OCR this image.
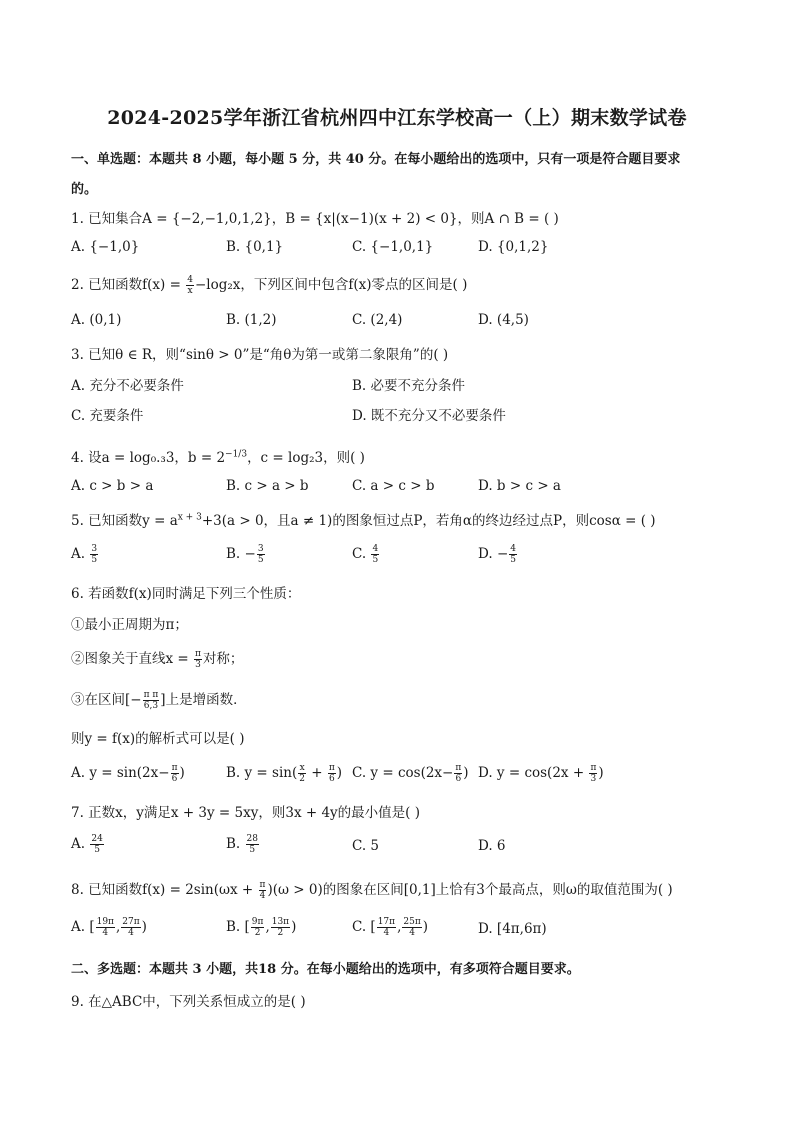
2024-2025学年浙江省杭州四中江东学校高一（上）期末数学试卷
一、单选题：本题共 8 小题，每小题 5 分，共 40 分。在每小题给出的选项中，只有一项是符合题目要求
的。
1. 已知集合A = {−2,−1,0,1,2}，B = {x|(x−1)(x + 2) < 0}，则A ∩ B = ( )
A. {−1,0}	B. {0,1}	C. {−1,0,1}	D. {0,1,2}
2. 已知函数$f(x) = \frac{4}{x} -\log_2x$，下列区间中包含f(x)零点的区间是( )
A. (0,1)	B. (1,2)	C. (2,4)	D. (4,5)
3. 已知θ ∈ R，则“sinθ > 0”是“角θ为第一或第二象限角”的( )
A. 充分不必要条件	B. 必要不充分条件
C. 充要条件	D. 既不充分又不必要条件
4. 设a = log₀.₃3，$b = 2^{-1/3}$，c = log₂3，则( )
A. c > b > a	B. c > a > b	C. a > c > b	D. b > c > a
5. 已知函数$y = a^{x + 3}+3(a > 0$，且a ≠ 1)的图象恒过点P，若角α的终边经过点P，则cosα = ( )
A. $\frac{3}{5}$	B. − $\frac{3}{5}$	C. $\frac{4}{5}$	D. − $\frac{4}{5}$
6. 若函数f(x)同时满足下列三个性质：
①最小正周期为π；
②图象关于直线$x = \frac{\pi}{3}$ 对称；
③在区间[− $\frac{\text{π π}}{6,3}$ ]上是增函数．
则y = f(x)的解析式可以是( )
A. $y = \sin(2x- \frac{\pi}{6}$ )	B. $y = \sin( \frac{x}{2} + \frac{\pi}{6}$ ) C. $y = \cos(2x- \frac{\pi}{6}$ ) D. $y = \cos(2x + \frac{\pi}{3}$ )
7. 正数x，y满足x + 3y = 5xy，则3x + 4y的最小值是( )
A. $\frac{24}{5}$	B. $\frac{28}{5}$	C. 5	D. 6
8. 已知函数$f(x) = 2\sin(\omega x + \frac{\pi}{4} )(\omega > 0)$的图象在区间[0,1]上恰有3个最高点，则ω的取值范围为( )
A. [ $\frac{19\pi}{4}$ , $\frac{27\pi}{4}$ )	B. [ $\frac{9\pi}{2}$ , $\frac{13\pi}{2}$ )	C. [ $\frac{17\pi}{4}$ , $\frac{25\pi}{4}$ )	D. [4π,6π)
二、多选题：本题共 3 小题，共18 分。在每小题给出的选项中，有多项符合题目要求。
9. 在△ABC中，下列关系恒成立的是( )
